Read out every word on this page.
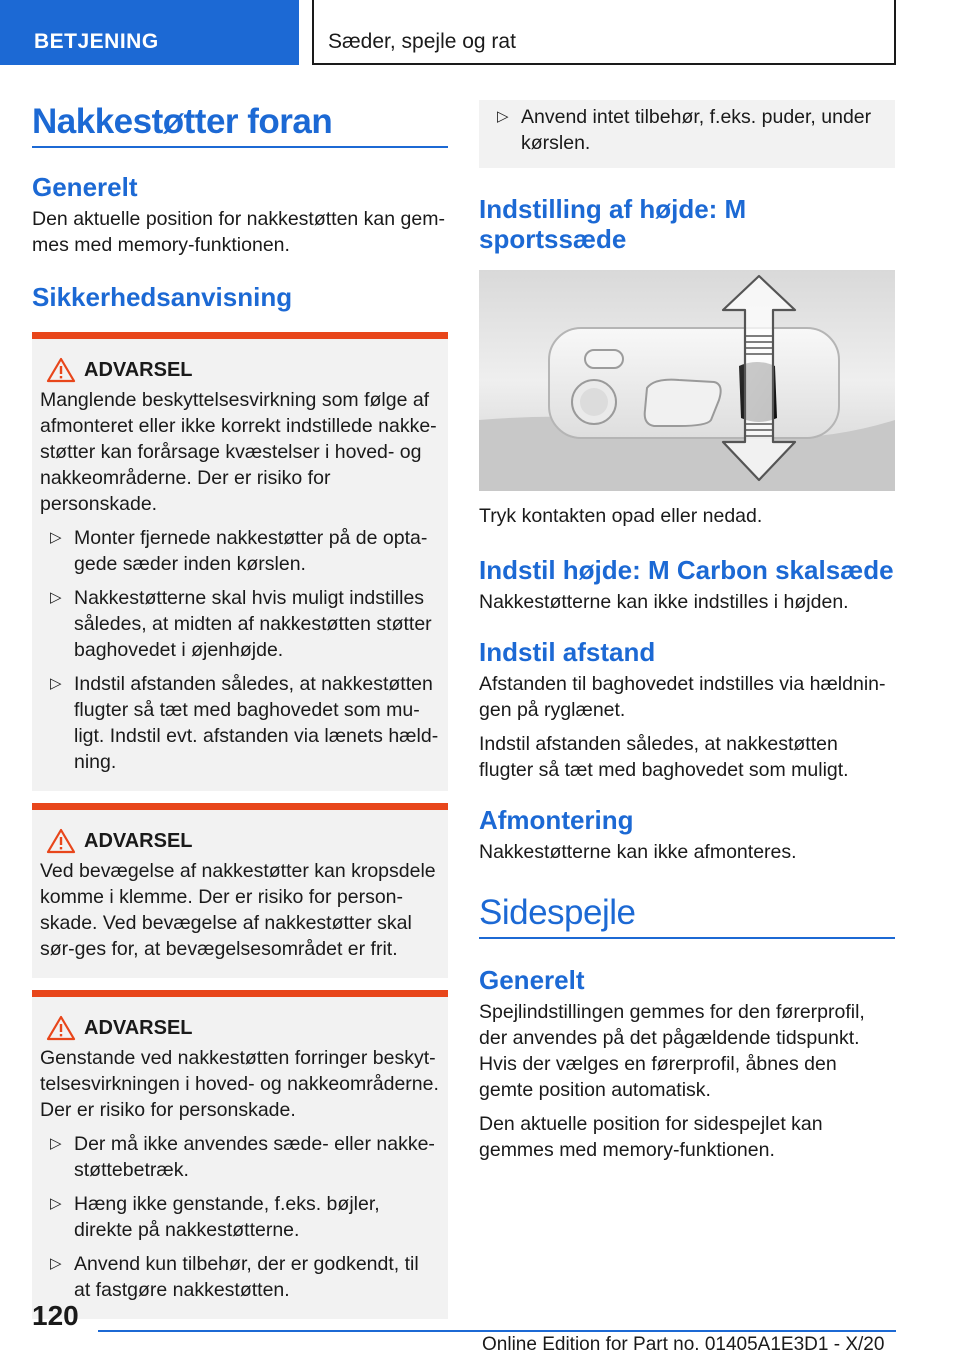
BETJENING	Sæder, spejle og rat
Nakkestøtter foran
Generelt

Den aktuelle position for nakkestøtten kan gem-mes med memory-funktionen.

Sikkerhedsanvisning
ADVARSEL

Manglende beskyttelsesvirkning som følge af afmonteret eller ikke korrekt indstillede nakke-støtter kan forårsage kvæstelser i hoved- og nakkeområderne. Der er risiko for personskade.

▷ Monter fjernede nakkestøtter på de opta-gede sæder inden kørslen.
▷ Nakkestøtterne skal hvis muligt indstilles således, at midten af nakkestøtten støtter baghovedet i øjenhøjde.
▷ Indstil afstanden således, at nakkestøtten flugter så tæt med baghovedet som mu-ligt. Indstil evt. afstanden via lænets hæld-ning.
ADVARSEL

Ved bevægelse af nakkestøtter kan kropsdele komme i klemme. Der er risiko for person-skade. Ved bevægelse af nakkestøtter skal sør-ges for, at bevægelsesområdet er frit.

ADVARSEL

Genstande ved nakkestøtten forringer beskyt-telsesvirkningen i hoved- og nakkeområderne. Der er risiko for personskade.

▷ Der må ikke anvendes sæde- eller nakke-støttebetræk.
▷ Hæng ikke genstande, f.eks. bøjler, direkte på nakkestøtterne.
▷ Anvend kun tilbehør, der er godkendt, til at fastgøre nakkestøtten.
▷ Anvend intet tilbehør, f.eks. puder, under kørslen.
Indstilling af højde: M sportssæde

Tryk kontakten opad eller nedad.

Indstil højde: M Carbon skalsæde

Nakkestøtterne kan ikke indstilles i højden.

Indstil afstand

Afstanden til baghovedet indstilles via hældnin-gen på ryglænet.

Indstil afstanden således, at nakkestøtten flugter så tæt med baghovedet som muligt.

Afmontering

Nakkestøtterne kan ikke afmonteres.

Sidespejle
Generelt

Spejlindstillingen gemmes for den førerprofil, der anvendes på det pågældende tidspunkt. Hvis der vælges en førerprofil, åbnes den gemte position automatisk.

Den aktuelle position for sidespejlet kan gemmes med memory-funktionen.

120
Online Edition for Part no. 01405A1E3D1 - X/20
